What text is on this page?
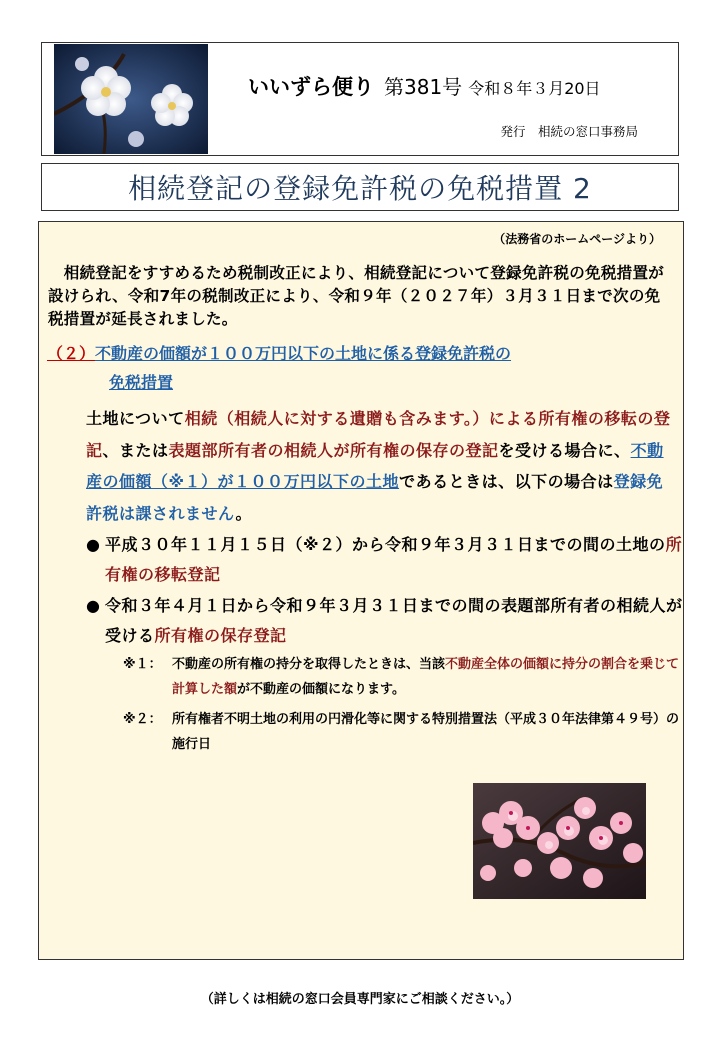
いいずら便り 第381号 令和８年３月20日
発行　相続の窓口事務局
相続登記の登録免許税の免税措置 2
（法務省のホームページより）
　相続登記をすすめるため税制改正により、相続登記について登録免許税の免税措置が設けられ、令和7年の税制改正により、令和９年（２０２７年）３月３１日まで次の免税措置が延長されました。
（２）不動産の価額が１００万円以下の土地に係る登録免許税の
免税措置
土地について相続（相続人に対する遺贈も含みます。）による所有権の移転の登記、または表題部所有者の相続人が所有権の保存の登記を受ける場合に、不動産の価額（※１）が１００万円以下の土地であるときは、以下の場合は登録免許税は課されません。
● 平成３０年１１月１５日（※２）から令和９年３月３１日までの間の土地の所有権の移転登記
● 令和３年４月１日から令和９年３月３１日までの間の表題部所有者の相続人が受ける所有権の保存登記
※１： 不動産の所有権の持分を取得したときは、当該不動産全体の価額に持分の割合を乗じて計算した額が不動産の価額になります。
※２： 所有権者不明土地の利用の円滑化等に関する特別措置法（平成３０年法律第４９号）の施行日
（詳しくは相続の窓口会員専門家にご相談ください。）
